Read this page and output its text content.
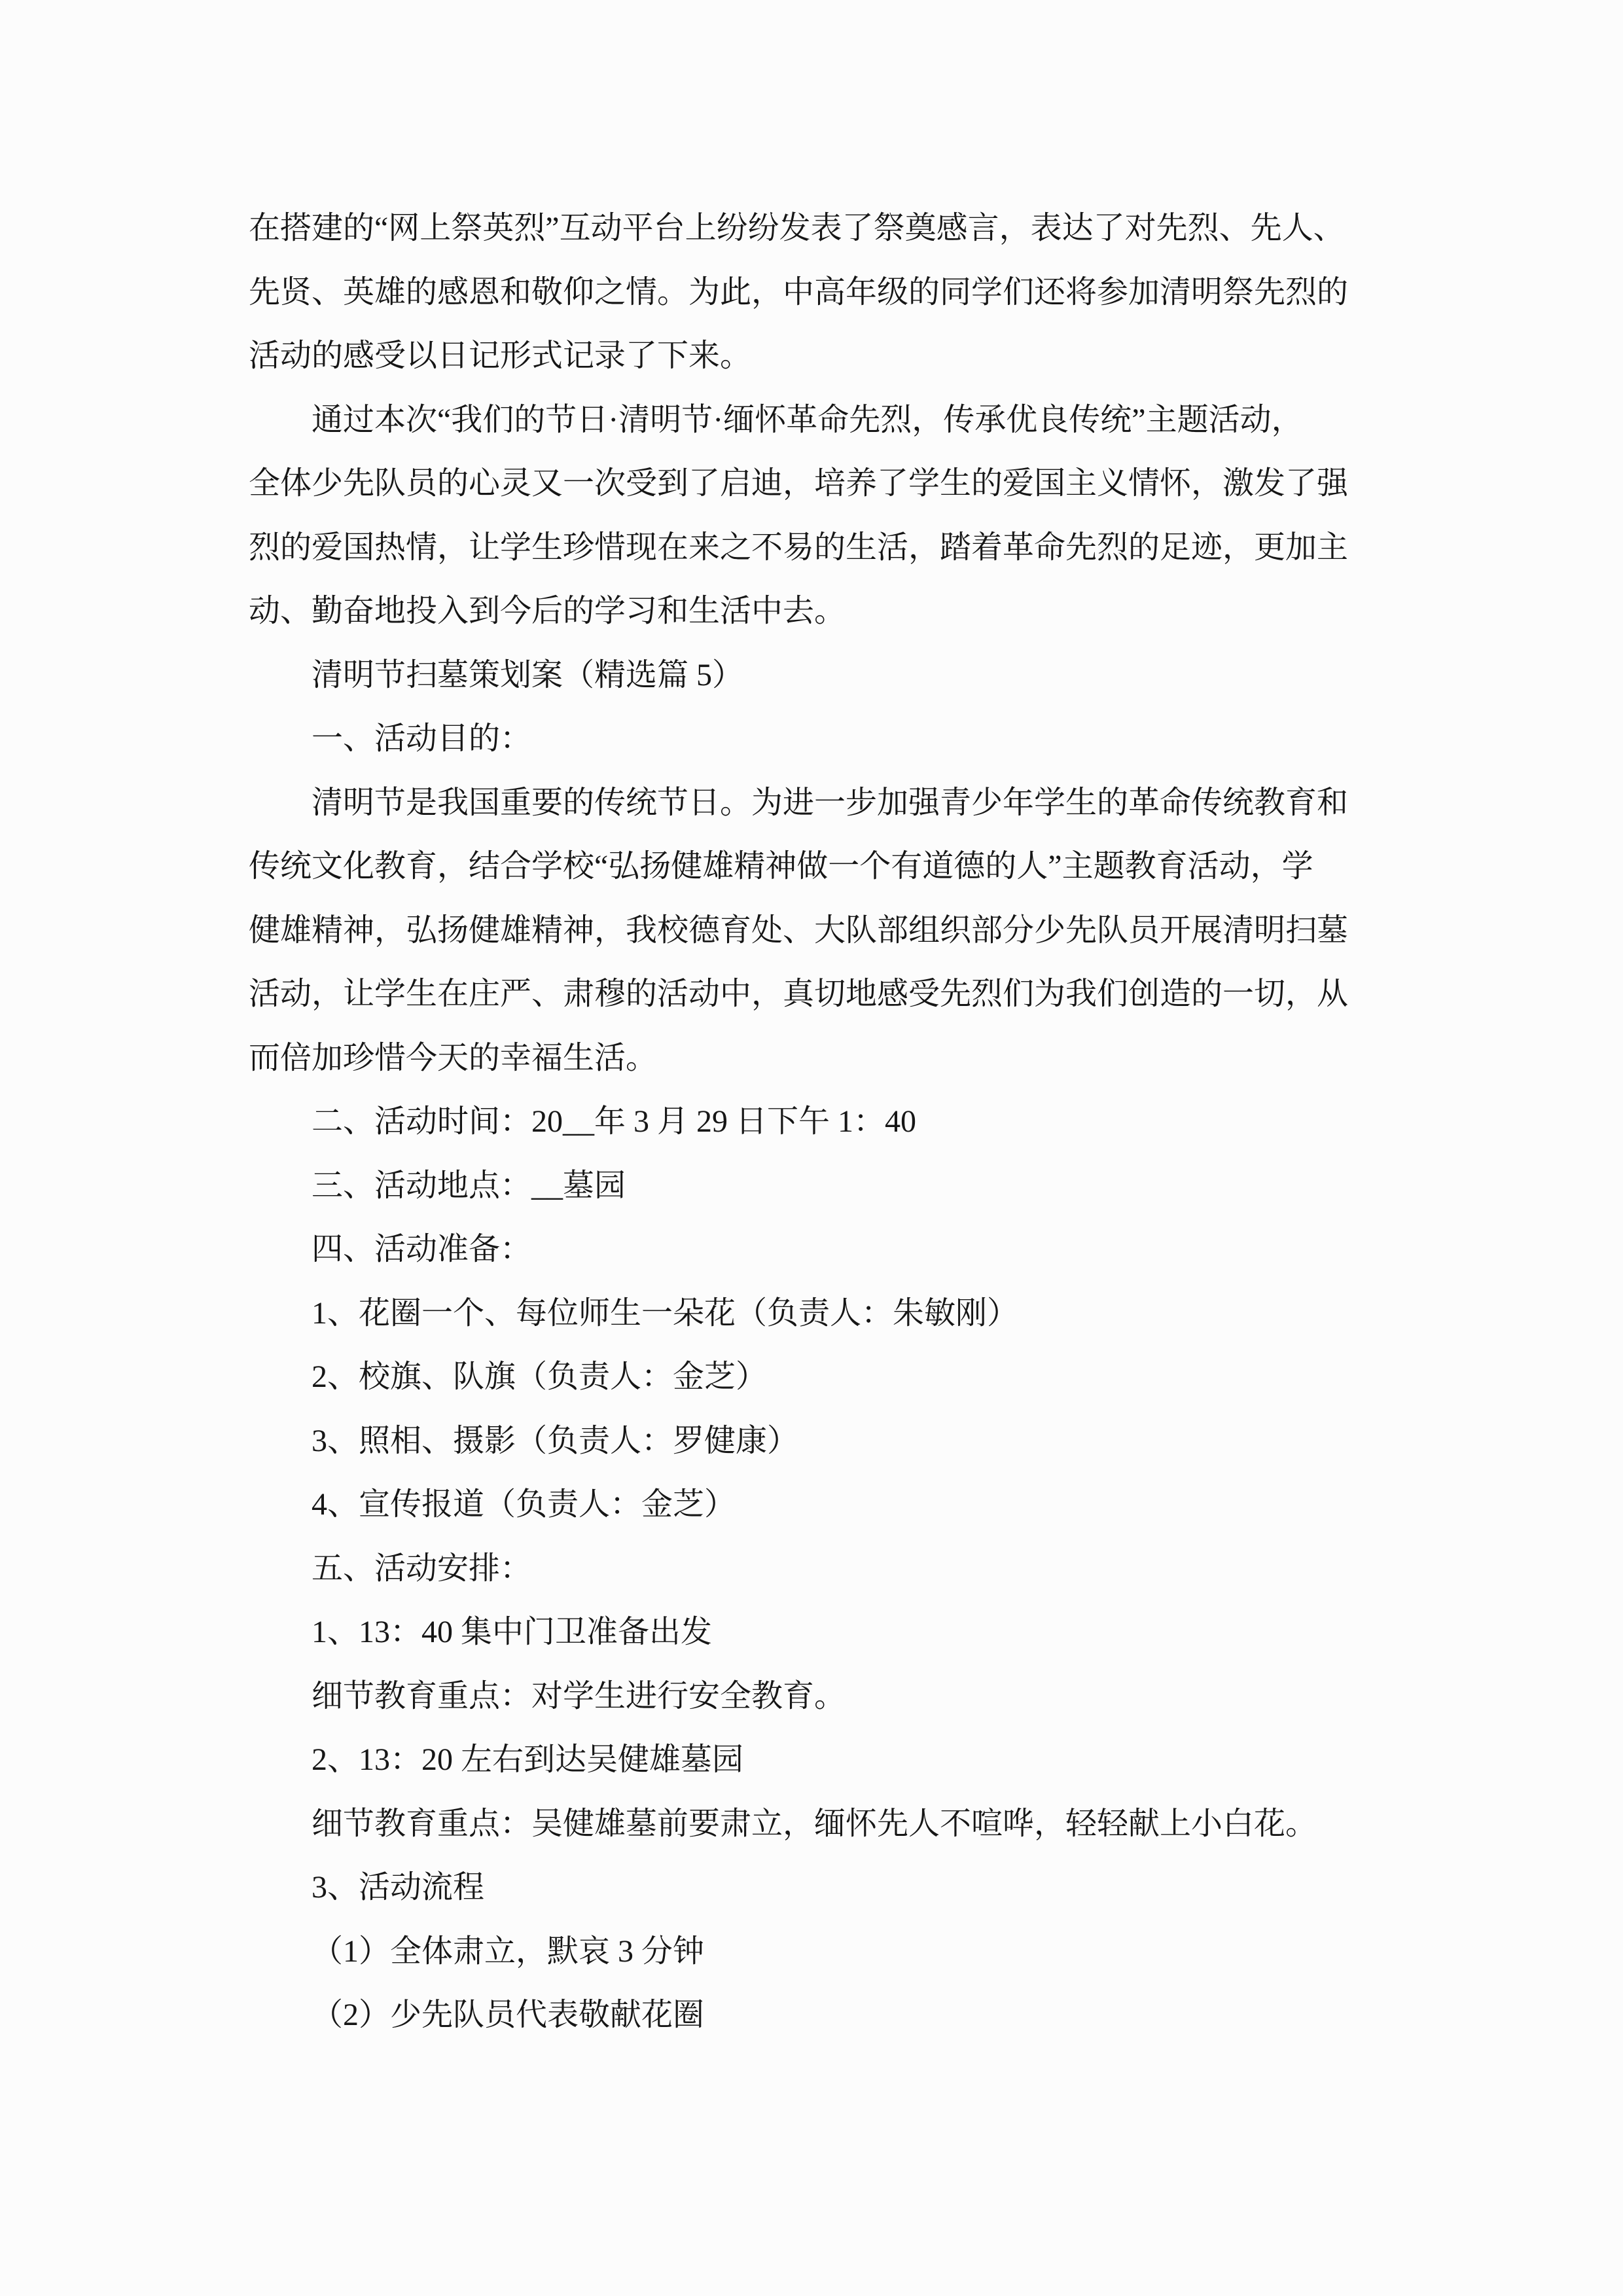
在搭建的“网上祭英烈”互动平台上纷纷发表了祭奠感言，表达了对先烈、先人、
先贤、英雄的感恩和敬仰之情。为此，中高年级的同学们还将参加清明祭先烈的
活动的感受以日记形式记录了下来。
通过本次“我们的节日·清明节·缅怀革命先烈，传承优良传统”主题活动，
全体少先队员的心灵又一次受到了启迪，培养了学生的爱国主义情怀，激发了强
烈的爱国热情，让学生珍惜现在来之不易的生活，踏着革命先烈的足迹，更加主
动、勤奋地投入到今后的学习和生活中去。
清明节扫墓策划案（精选篇 5）
一、活动目的：
清明节是我国重要的传统节日。为进一步加强青少年学生的革命传统教育和
传统文化教育，结合学校“弘扬健雄精神做一个有道德的人”主题教育活动，学
健雄精神，弘扬健雄精神，我校德育处、大队部组织部分少先队员开展清明扫墓
活动，让学生在庄严、肃穆的活动中，真切地感受先烈们为我们创造的一切，从
而倍加珍惜今天的幸福生活。
二、活动时间：20__年 3 月 29 日下午 1：40
三、活动地点：__墓园
四、活动准备：
1、花圈一个、每位师生一朵花（负责人：朱敏刚）
2、校旗、队旗（负责人：金芝）
3、照相、摄影（负责人：罗健康）
4、宣传报道（负责人：金芝）
五、活动安排：
1、13：40 集中门卫准备出发
细节教育重点：对学生进行安全教育。
2、13：20 左右到达吴健雄墓园
细节教育重点：吴健雄墓前要肃立，缅怀先人不喧哗，轻轻献上小白花。
3、活动流程
（1）全体肃立，默哀 3 分钟
（2）少先队员代表敬献花圈
